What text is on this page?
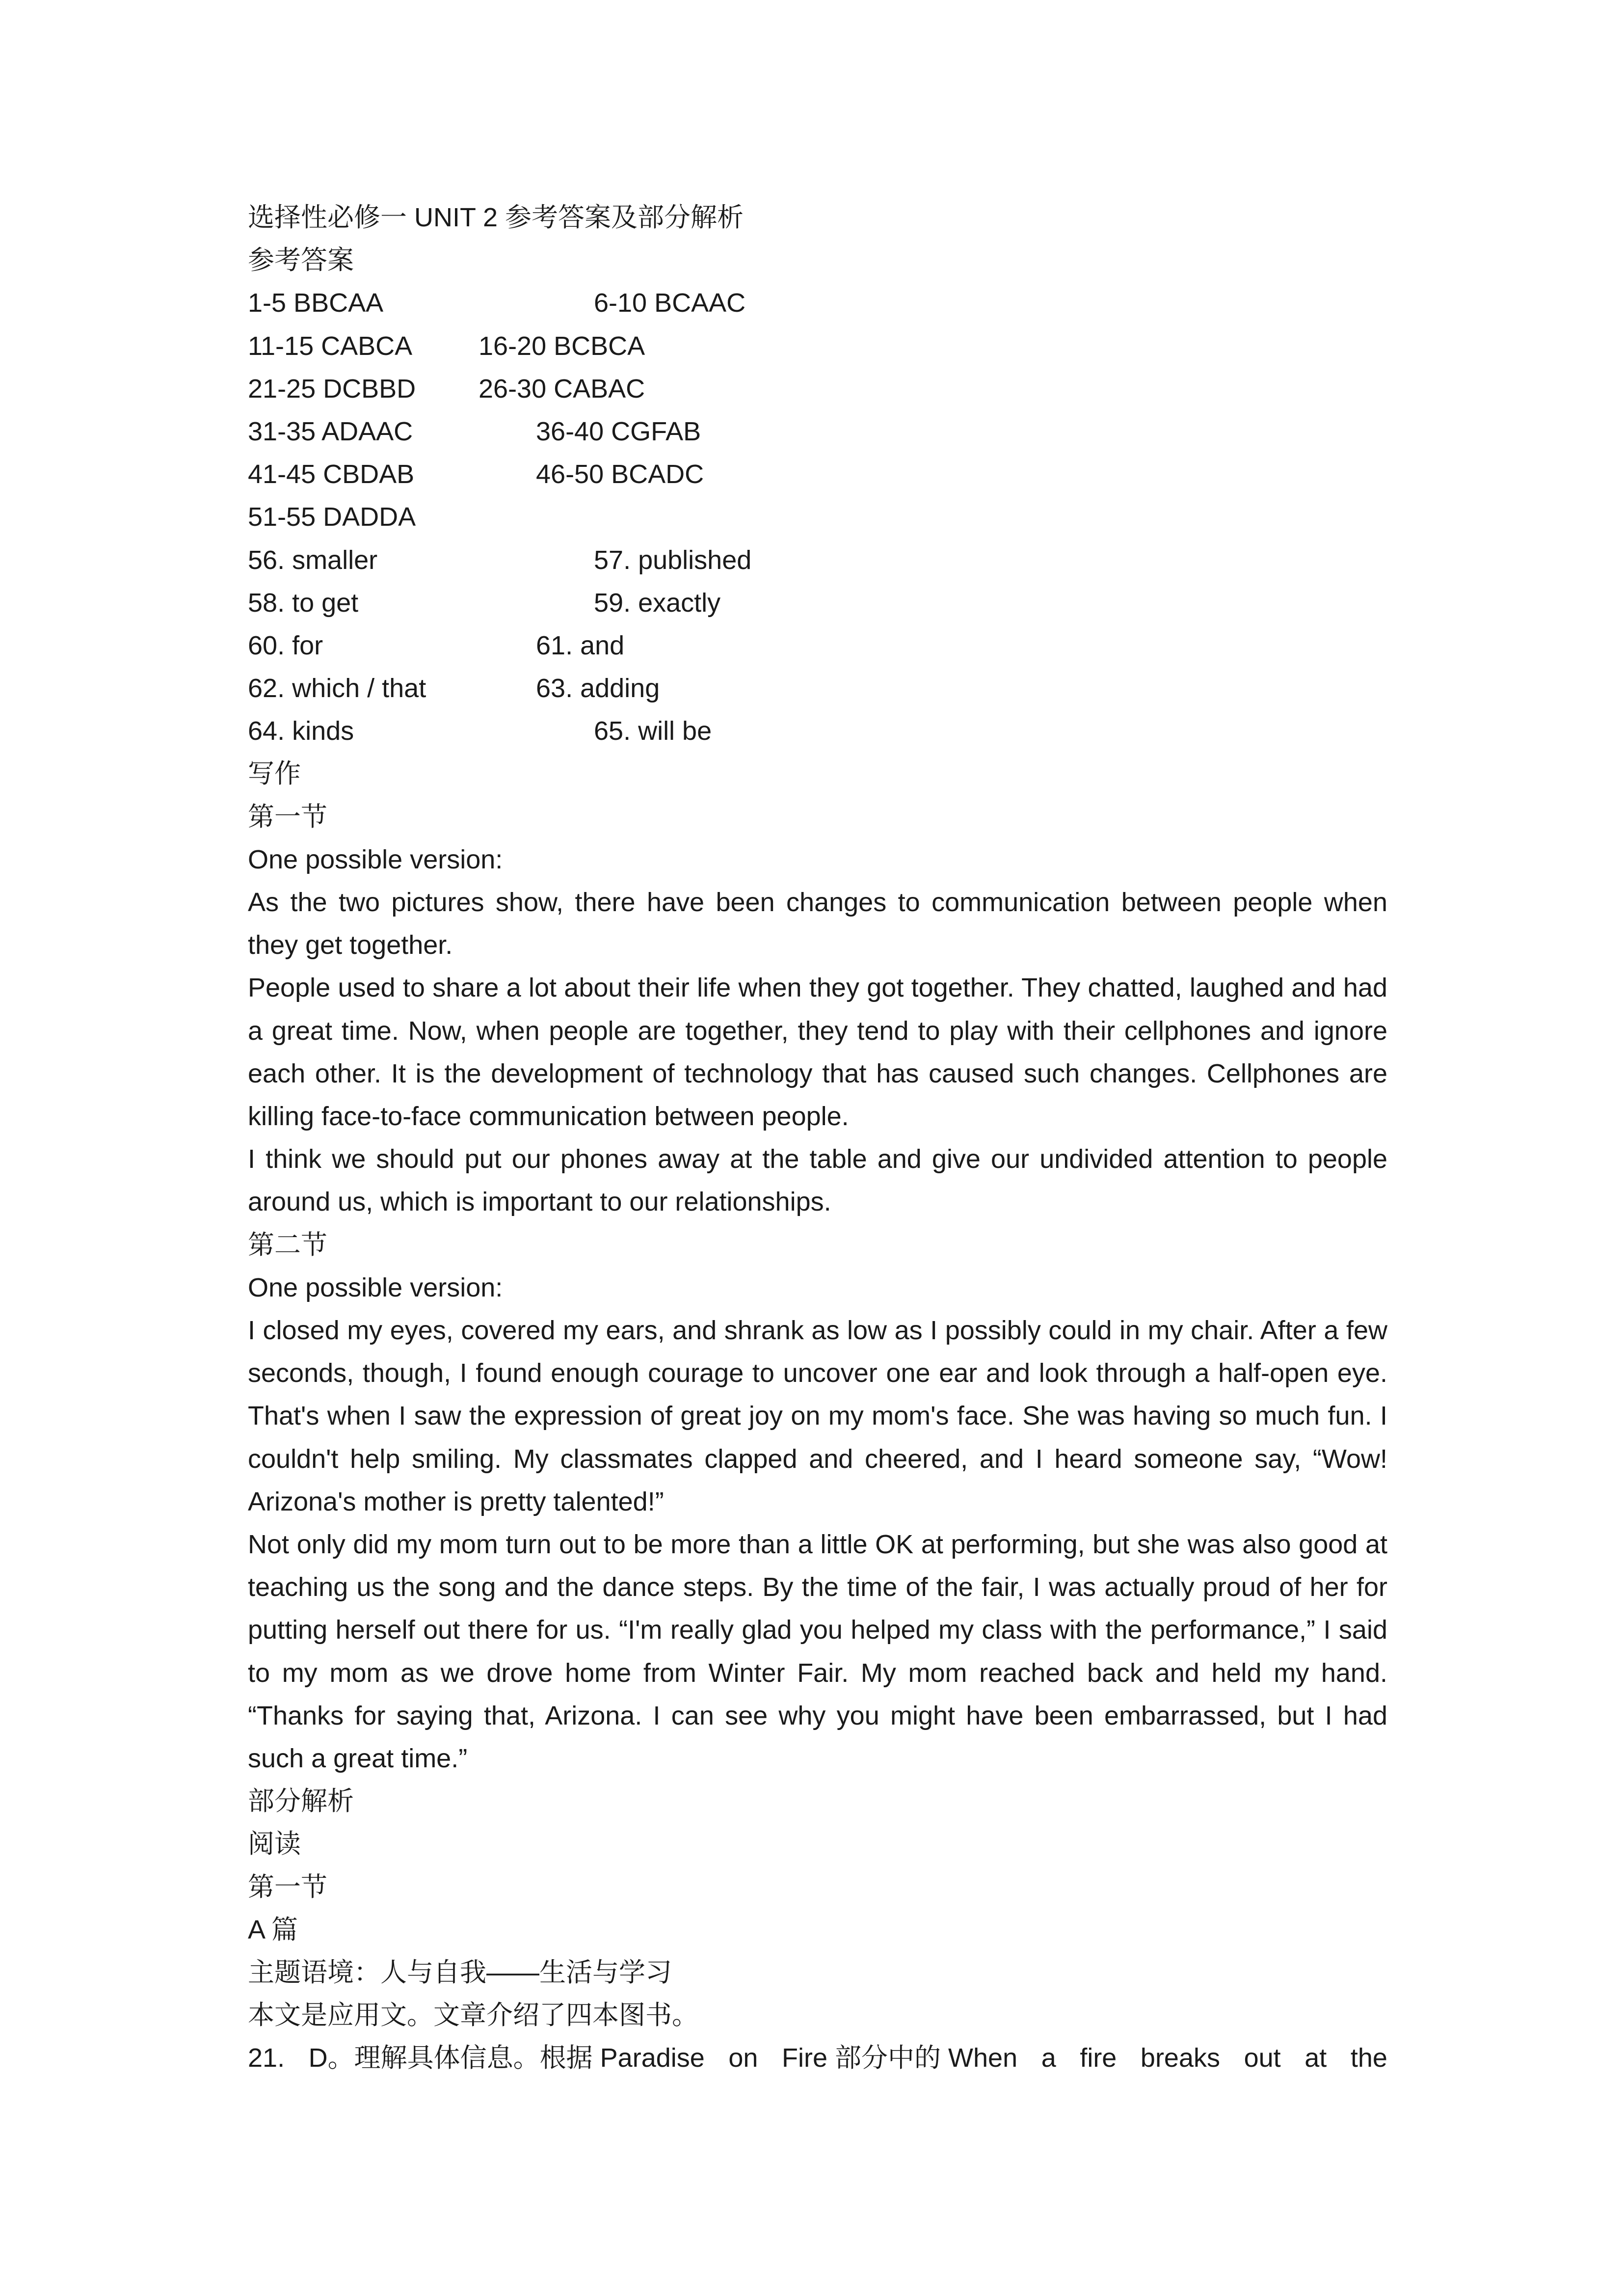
选择性必修一 UNIT 2 参考答案及部分解析
参考答案
1-5 BBCAA	6-10 BCAAC
11-15 CABCA 16-20 BCBCA
21-25 DCBBD 26-30 CABAC
31-35 ADAAC	36-40 CGFAB
41-45 CBDAB	46-50 BCADC
51-55 DADDA
56. smaller	57. published
58. to get	59. exactly
60. for	61. and
62. which / that	63. adding
64. kinds	65. will be
写作
第一节
One possible version:

As the two pictures show, there have been changes to communication between people when they get together.

People used to share a lot about their life when they got together. They chatted, laughed and had a great time. Now, when people are together, they tend to play with their cellphones and ignore each other. It is the development of technology that has caused such changes. Cellphones are killing face-to-face communication between people.

I think we should put our phones away at the table and give our undivided attention to people around us, which is important to our relationships.

第二节
One possible version:

I closed my eyes, covered my ears, and shrank as low as I possibly could in my chair. After a few seconds, though, I found enough courage to uncover one ear and look through a half-open eye. That's when I saw the expression of great joy on my mom's face. She was having so much fun. I couldn't help smiling. My classmates clapped and cheered, and I heard someone say, “Wow! Arizona's mother is pretty talented!”

Not only did my mom turn out to be more than a little OK at performing, but she was also good at teaching us the song and the dance steps. By the time of the fair, I was actually proud of her for putting herself out there for us. “I'm really glad you helped my class with the performance,” I said to my mom as we drove home from Winter Fair. My mom reached back and held my hand. “Thanks for saying that, Arizona. I can see why you might have been embarrassed, but I had such a great time.”

部分解析
阅读
第一节
A 篇
主题语境：人与自我——生活与学习
本文是应用文。文章介绍了四本图书。
21. D。理解具体信息。根据 Paradise on Fire 部分中的 When a fire breaks out at the
